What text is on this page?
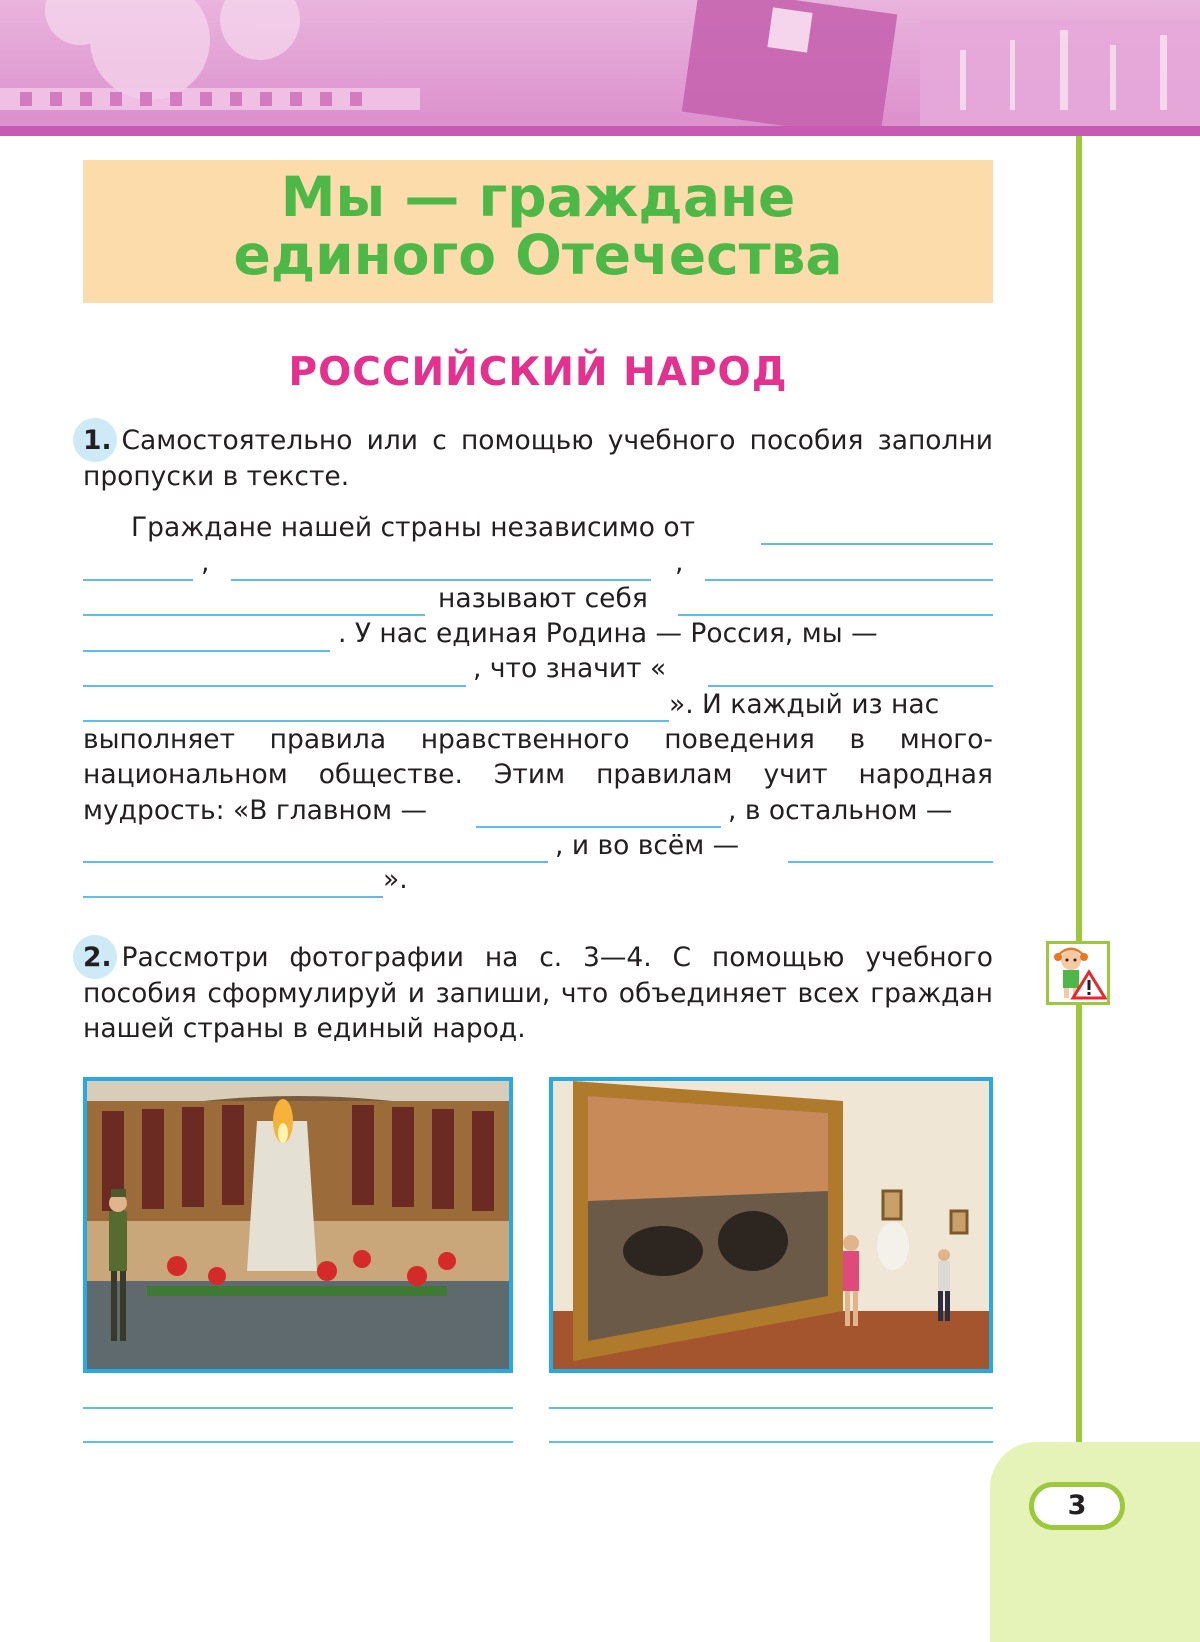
3
Мы — граждане
единого Отечества
РОССИЙСКИЙ НАРОД
1. Самостоятельно или с помощью учебного пособия заполни пропуски в тексте.
Граждане нашей страны независимо от
,	,
называют себя
. У нас единая Родина — Россия, мы —
, что значит «
». И каждый из нас
выполняет правила нравственного поведения в много-
национальном обществе. Этим правилам учит народная
мудрость: «В главном —	, в остальном —
, и во всём —
».
2. Рассмотри фотографии на с. 3—4. С помощью учебного пособия сформулируй и запиши, что объединяет всех граждан нашей страны в единый народ.
